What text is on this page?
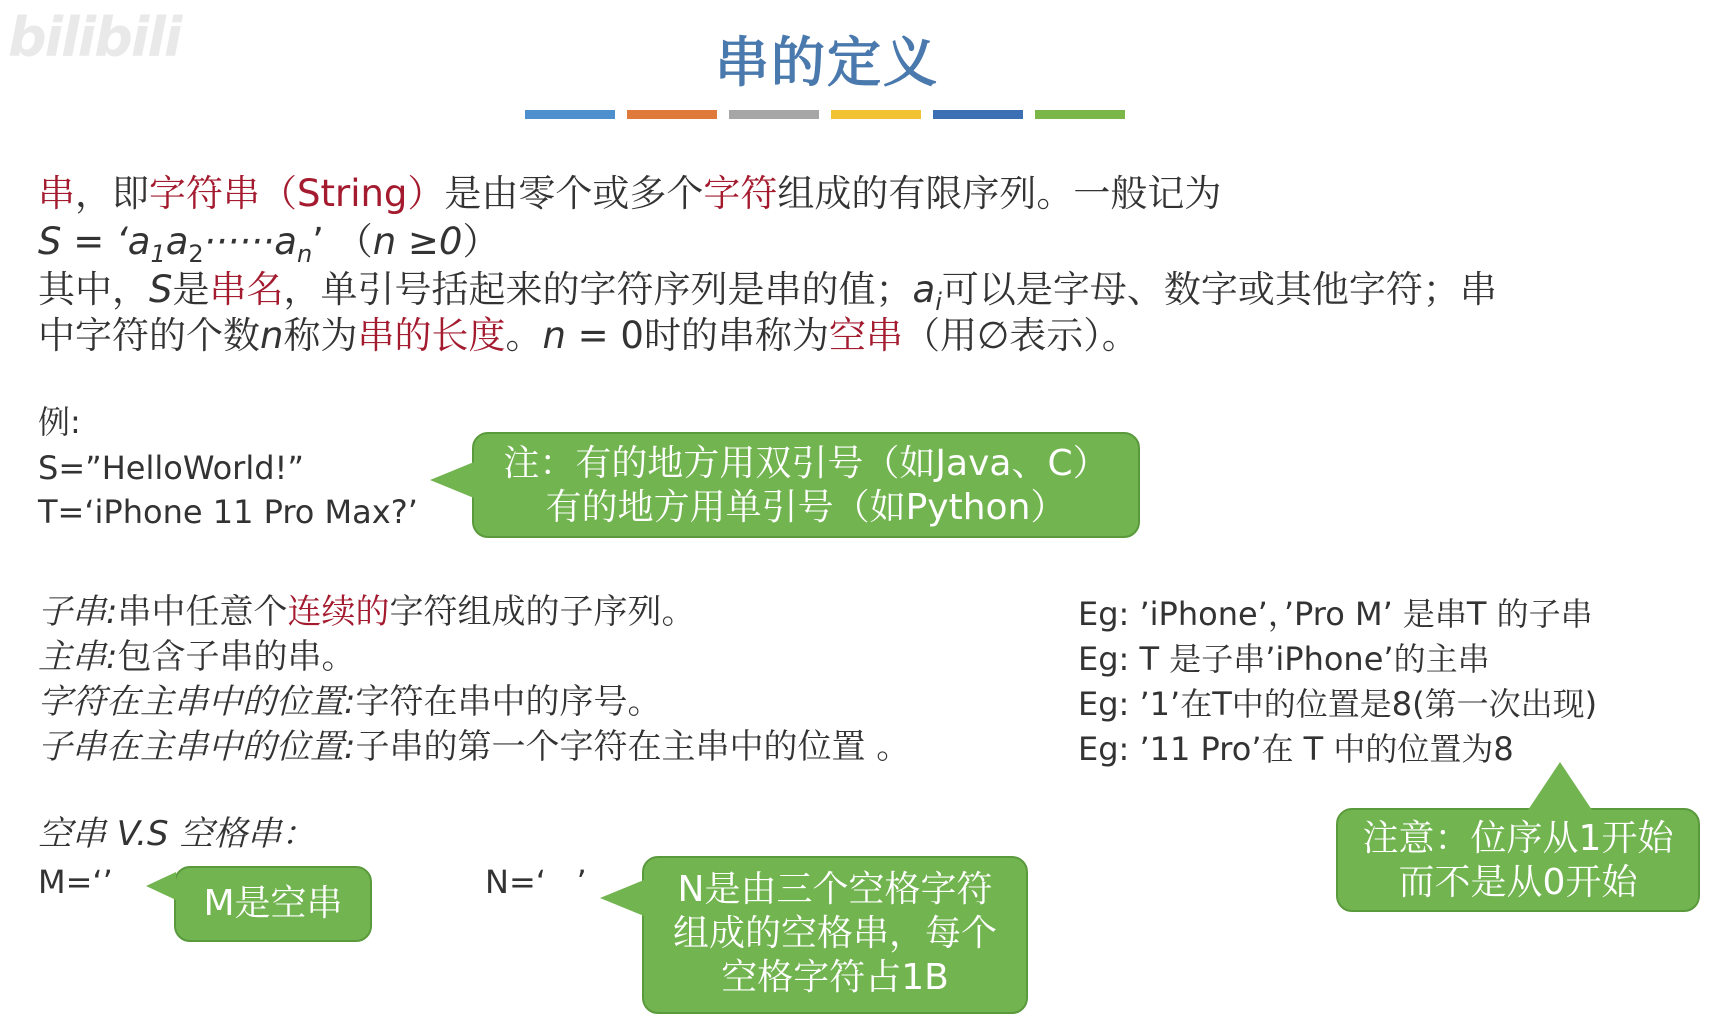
bilibili	串的定义
串，即字符串（String）是由零个或多个字符组成的有限序列。一般记为
$S = ‘a_1a_2\cdot\cdot\cdot\cdot\cdot\cdot a_n$’ （n ≥0）
其中，S是串名，单引号括起来的字符序列是串的值；$a_i$可以是字母、数字或其他字符；串
中字符的个数n称为串的长度。n = 0时的串称为空串（用∅表示）。
例:
S=”HelloWorld!”
T=‘iPhone 11 Pro Max?’
注：有的地方用双引号（如Java、C）
有的地方用单引号（如Python）
子串:串中任意个连续的字符组成的子序列。
主串:包含子串的串。
字符在主串中的位置:字符在串中的序号。
子串在主串中的位置:子串的第一个字符在主串中的位置 。
Eg: ’iPhone’，’Pro M’ 是串T 的子串
Eg: T 是子串’iPhone’的主串
Eg: ’1’在T中的位置是8(第一次出现)
Eg: ’11 Pro’在 T 中的位置为8
注意：位序从1开始
而不是从0开始
空串 V.S 空格串：
M=‘’
M是空串
N=‘   ’	N是由三个空格字符
组成的空格串，每个
空格字符占1B
